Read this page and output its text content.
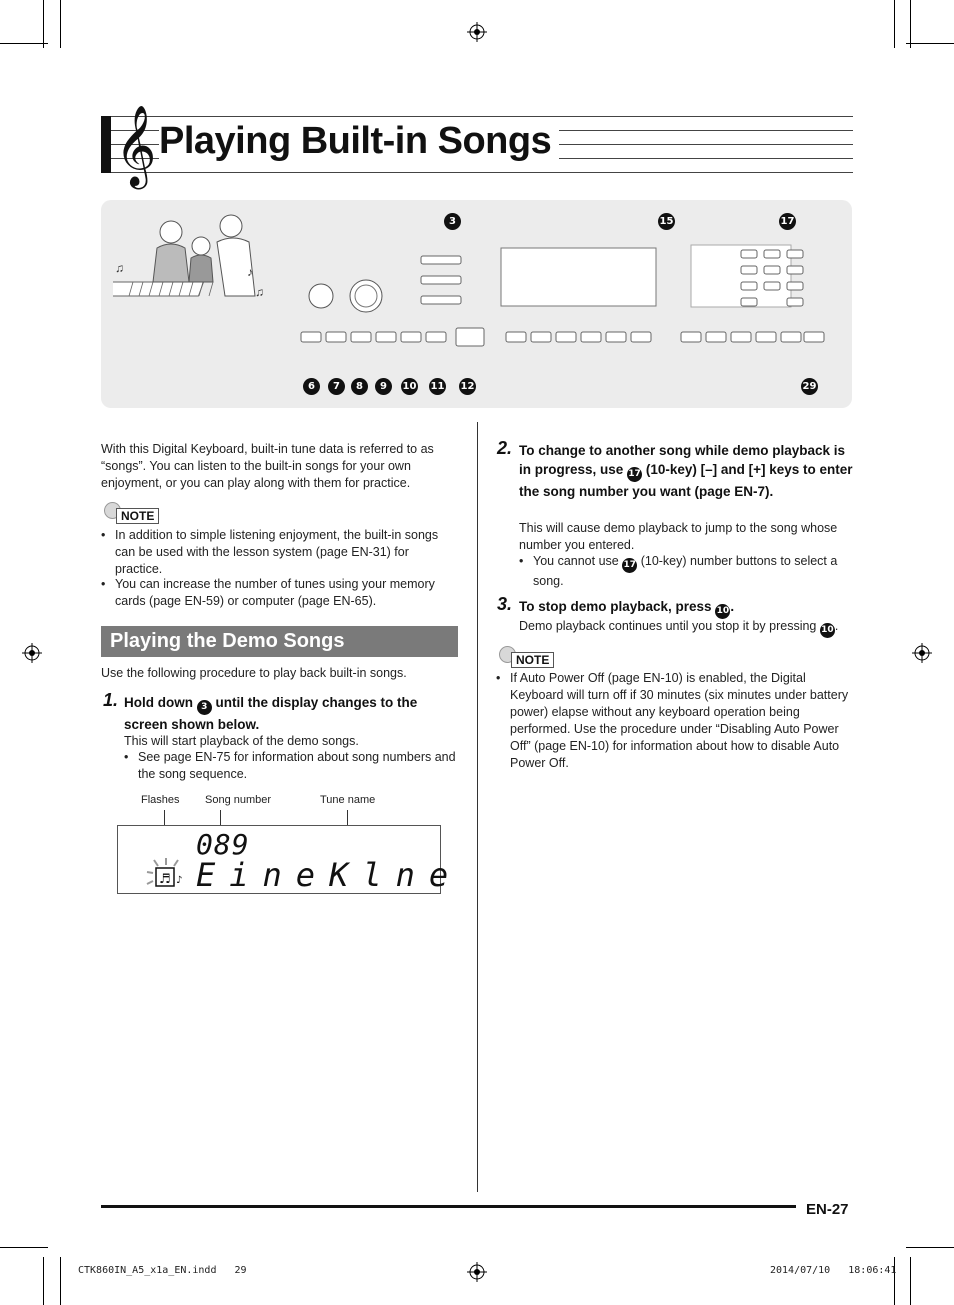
𝄞 Playing Built-in Songs
♫	♪
♫
3	15	17
6	7	8	9	10 11 12	29
With this Digital Keyboard, built-in tune data is referred to as “songs”. You can listen to the built-in songs for your own enjoyment, or you can play along with them for practice.
NOTE
• In addition to simple listening enjoyment, the built-in songs can be used with the lesson system (page EN-31) for practice.
• You can increase the number of tunes using your memory cards (page EN-59) or computer (page EN-65).
Playing the Demo Songs
Use the following procedure to play back built-in songs.
1. Hold down 3 until the display changes to the screen shown below.
This will start playback of the demo songs.
• See page EN-75 for information about song numbers and the song sequence.
Flashes Song number	Tune name
♬ ♪
089
EineKlne
2. To change to another song while demo playback is in progress, use 17 (10-key) [–] and [+] keys to enter the song number you want (page EN-7).
This will cause demo playback to jump to the song whose number you entered.
• You cannot use 17 (10-key) number buttons to select a song.
3. To stop demo playback, press 10.
Demo playback continues until you stop it by pressing 10.
NOTE
• If Auto Power Off (page EN-10) is enabled, the Digital Keyboard will turn off if 30 minutes (six minutes under battery power) elapse without any keyboard operation being performed. Use the procedure under “Disabling Auto Power Off” (page EN-10) for information about how to disable Auto Power Off.
EN-27
CTK860IN_A5_x1a_EN.indd   29	2014/07/10   18:06:41
